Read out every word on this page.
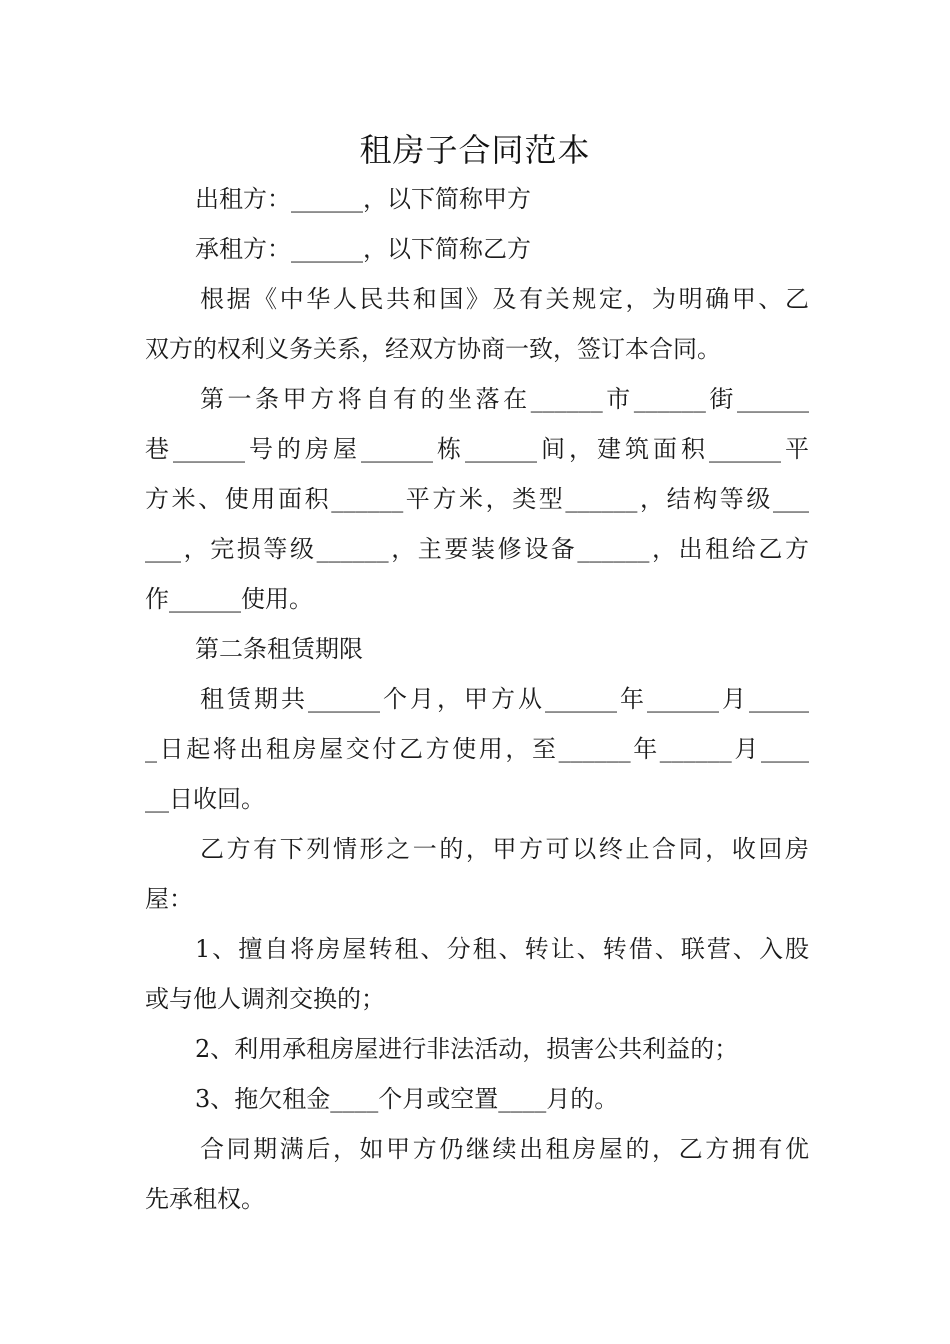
租房子合同范本
出租方：______，以下简称甲方
承租方：______，以下简称乙方
根据《中华人民共和国》及有关规定，为明确甲、乙
双方的权利义务关系，经双方协商一致，签订本合同。
第一条甲方将自有的坐落在______市______街______
巷______号的房屋______栋______间，建筑面积______平
方米、使用面积______平方米，类型______，结构等级___
___，完损等级______，主要装修设备______，出租给乙方
作______使用。
第二条租赁期限
租赁期共______个月，甲方从______年______月_____
_日起将出租房屋交付乙方使用，至______年______月____
__日收回。
乙方有下列情形之一的，甲方可以终止合同，收回房
屋：
1、擅自将房屋转租、分租、转让、转借、联营、入股
或与他人调剂交换的；
2、利用承租房屋进行非法活动，损害公共利益的；
3、拖欠租金____个月或空置____月的。
合同期满后，如甲方仍继续出租房屋的，乙方拥有优
先承租权。
